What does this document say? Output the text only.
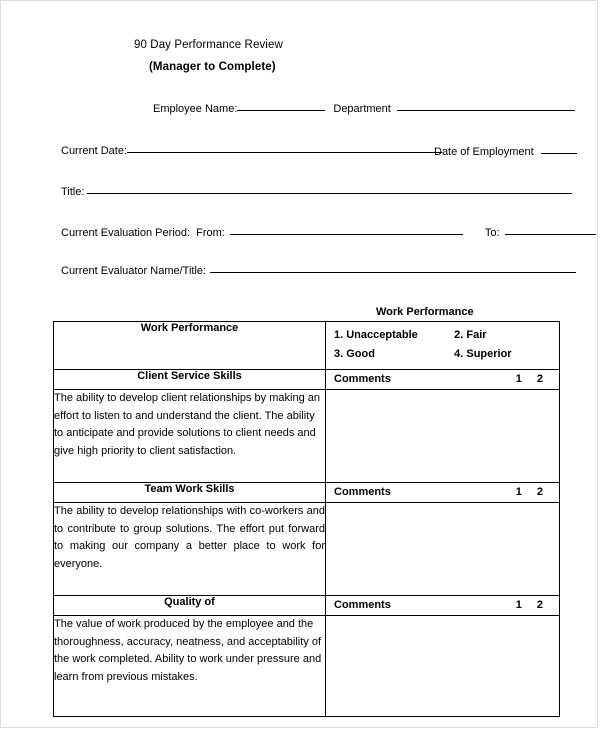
90 Day Performance Review
(Manager to Complete)
Employee Name:	Department
Current Date:	Date of Employment
Title:
Current Evaluation Period:  From:	To:
Current Evaluator Name/Title:
Work Performance
Work Performance	1. Unacceptable 2. Fair
3. Good 4. Superior

Client Service Skills	Comments 1 2

The ability to develop client relationships by making an effort to listen to and understand the client. The ability to anticipate and provide solutions to client needs and give high priority to client satisfaction.	
Team Work Skills	Comments 1 2

The ability to develop relationships with co-workers and to contribute to group solutions. The effort put forward to making our company a better place to work for everyone.	
Quality of	Comments 1 2

The value of work produced by the employee and the thoroughness, accuracy, neatness, and acceptability of the work completed. Ability to work under pressure and learn from previous mistakes.	
